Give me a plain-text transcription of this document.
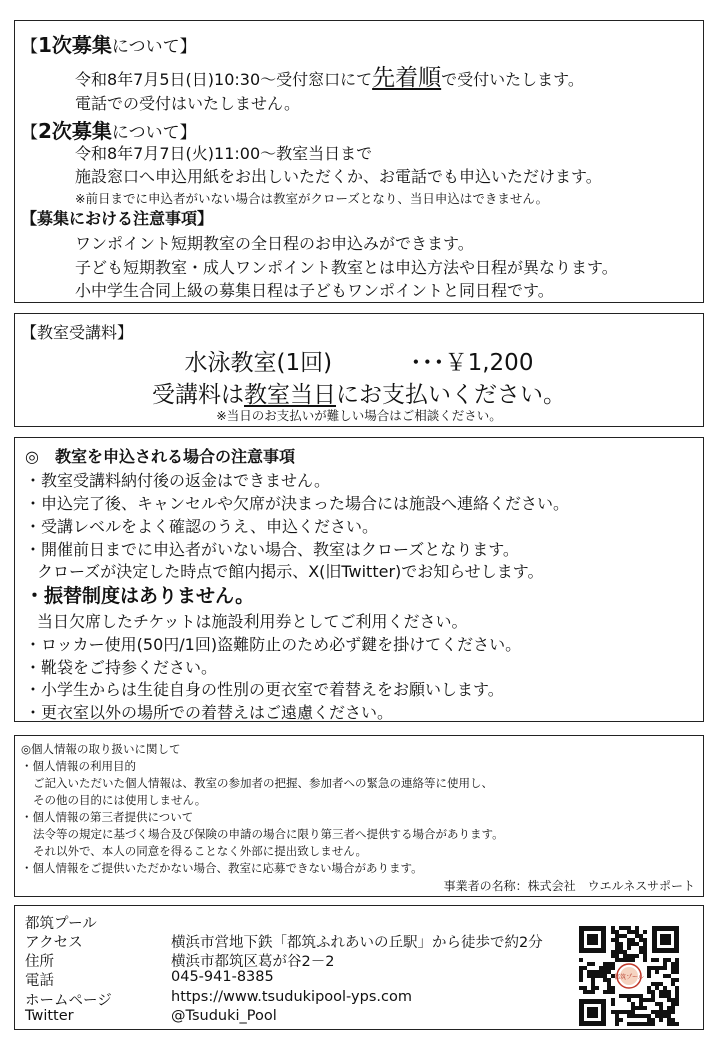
【1次募集について】
令和8年7月5日(日)10:30～受付窓口にて先着順で受付いたします。
電話での受付はいたしません。
【2次募集について】
令和8年7月7日(火)11:00～教室当日まで
施設窓口へ申込用紙をお出しいただくか、お電話でも申込いただけます。
※前日までに申込者がいない場合は教室がクローズとなり、当日申込はできません。
【募集における注意事項】
ワンポイント短期教室の全日程のお申込みができます。
子ども短期教室・成人ワンポイント教室とは申込方法や日程が異なります。
小中学生合同上級の募集日程は子どもワンポイントと同日程です。
【教室受講料】
水泳教室(1回)	･･･￥1,200
受講料は教室当日にお支払いください。
※当日のお支払いが難しい場合はご相談ください。
◎　教室を申込される場合の注意事項
・教室受講料納付後の返金はできません。
・申込完了後、キャンセルや欠席が決まった場合には施設へ連絡ください。
・受講レベルをよく確認のうえ、申込ください。
・開催前日までに申込者がいない場合、教室はクローズとなります。
クローズが決定した時点で館内掲示、X(旧Twitter)でお知らせします。
・振替制度はありません。
当日欠席したチケットは施設利用券としてご利用ください。
・ロッカー使用(50円/1回)盗難防止のため必ず鍵を掛けてください。
・靴袋をご持参ください。
・小学生からは生徒自身の性別の更衣室で着替えをお願いします。
・更衣室以外の場所での着替えはご遠慮ください。
◎個人情報の取り扱いに関して
・個人情報の利用目的
ご記入いただいた個人情報は、教室の参加者の把握、参加者への緊急の連絡等に使用し、
その他の目的には使用しません。
・個人情報の第三者提供について
法令等の規定に基づく場合及び保険の申請の場合に限り第三者へ提供する場合があります。
それ以外で、本人の同意を得ることなく外部に提出致しません。
・個人情報をご提供いただかない場合、教室に応募できない場合があります。
事業者の名称：株式会社　ウエルネスサポート
都筑プール
アクセス	横浜市営地下鉄「都筑ふれあいの丘駅」から徒歩で約2分
住所	横浜市都筑区葛が谷2－2
電話	045-941-8385
ホームページ	https://www.tsudukipool-yps.com
Twitter	@Tsuduki_Pool
都筑プール
